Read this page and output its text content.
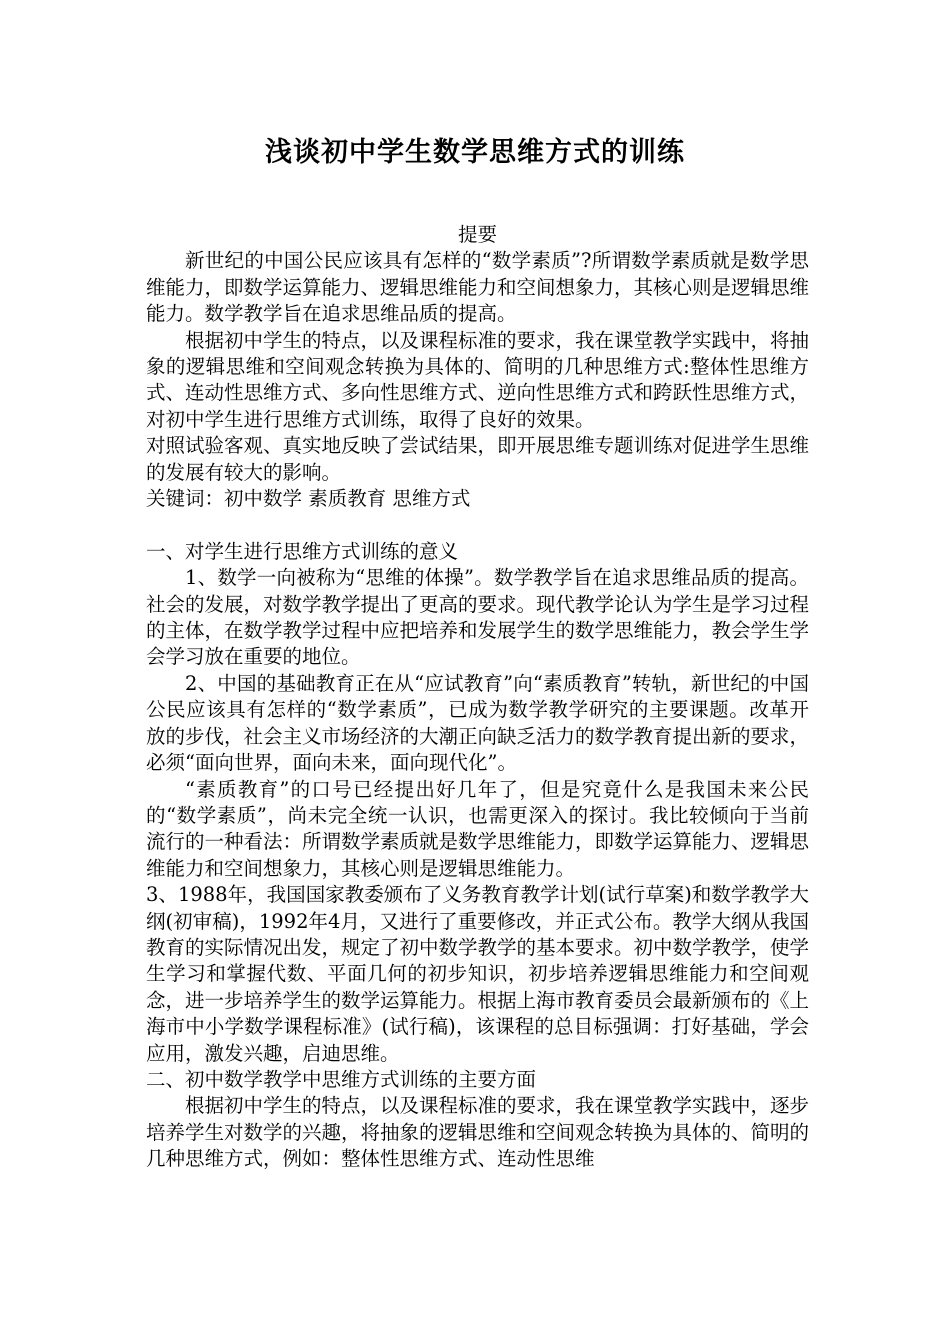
浅谈初中学生数学思维方式的训练

提要

新世纪的中国公民应该具有怎样的“数学素质”?所谓数学素质就是数学思维能力，即数学运算能力、逻辑思维能力和空间想象力，其核心则是逻辑思维能力。数学教学旨在追求思维品质的提高。

根据初中学生的特点，以及课程标准的要求，我在课堂教学实践中，将抽象的逻辑思维和空间观念转换为具体的、简明的几种思维方式:整体性思维方式、连动性思维方式、多向性思维方式、逆向性思维方式和跨跃性思维方式，对初中学生进行思维方式训练，取得了良好的效果。

对照试验客观、真实地反映了尝试结果，即开展思维专题训练对促进学生思维的发展有较大的影响。

关键词：初中数学 素质教育 思维方式

一、对学生进行思维方式训练的意义

1、数学一向被称为“思维的体操”。数学教学旨在追求思维品质的提高。社会的发展，对数学教学提出了更高的要求。现代教学论认为学生是学习过程的主体，在数学教学过程中应把培养和发展学生的数学思维能力，教会学生学会学习放在重要的地位。

2、中国的基础教育正在从“应试教育”向“素质教育”转轨，新世纪的中国公民应该具有怎样的“数学素质”，已成为数学教学研究的主要课题。改革开放的步伐，社会主义市场经济的大潮正向缺乏活力的数学教育提出新的要求，必须“面向世界，面向未来，面向现代化”。

“素质教育”的口号已经提出好几年了，但是究竟什么是我国未来公民的“数学素质”，尚未完全统一认识，也需更深入的探讨。我比较倾向于当前流行的一种看法：所谓数学素质就是数学思维能力，即数学运算能力、逻辑思维能力和空间想象力，其核心则是逻辑思维能力。

3、1988年，我国国家教委颁布了义务教育教学计划(试行草案)和数学教学大纲(初审稿)，1992年4月，又进行了重要修改，并正式公布。教学大纲从我国教育的实际情况出发，规定了初中数学教学的基本要求。初中数学教学，使学生学习和掌握代数、平面几何的初步知识，初步培养逻辑思维能力和空间观念，进一步培养学生的数学运算能力。根据上海市教育委员会最新颁布的《上海市中小学数学课程标准》(试行稿)，该课程的总目标强调：打好基础，学会应用，激发兴趣，启迪思维。

二、初中数学教学中思维方式训练的主要方面

根据初中学生的特点，以及课程标准的要求，我在课堂教学实践中，逐步培养学生对数学的兴趣，将抽象的逻辑思维和空间观念转换为具体的、简明的几种思维方式，例如：整体性思维方式、连动性思维
